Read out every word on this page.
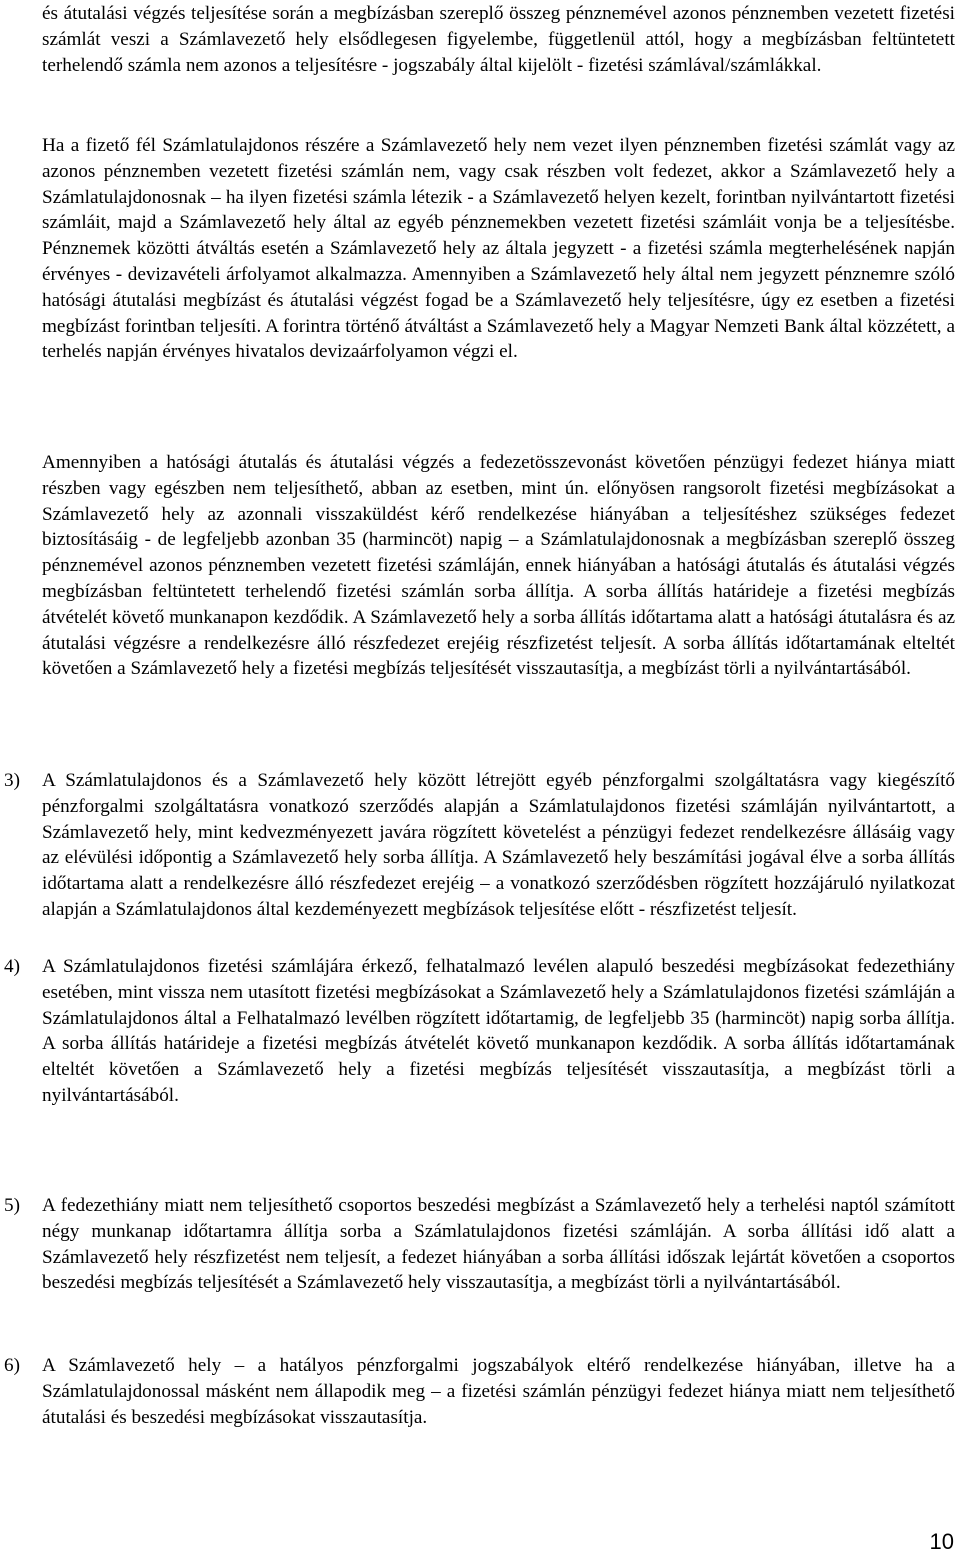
és átutalási végzés teljesítése során a megbízásban szereplő összeg pénznemével azonos pénznemben vezetett fizetési számlát veszi a Számlavezető hely elsődlegesen figyelembe, függetlenül attól, hogy a megbízásban feltüntetett terhelendő számla nem azonos a teljesítésre - jogszabály által kijelölt - fizetési számlával/számlákkal.

Ha a fizető fél Számlatulajdonos részére a Számlavezető hely nem vezet ilyen pénznemben fizetési számlát vagy az azonos pénznemben vezetett fizetési számlán nem, vagy csak részben volt fedezet, akkor a Számlavezető hely a Számlatulajdonosnak – ha ilyen fizetési számla létezik - a Számlavezető helyen kezelt, forintban nyilvántartott fizetési számláit, majd a Számlavezető hely által az egyéb pénznemekben vezetett fizetési számláit vonja be a teljesítésbe. Pénznemek közötti átváltás esetén a Számlavezető hely az általa jegyzett - a fizetési számla megterhelésének napján érvényes - devizavételi árfolyamot alkalmazza. Amennyiben a Számlavezető hely által nem jegyzett pénznemre szóló hatósági átutalási megbízást és átutalási végzést fogad be a Számlavezető hely teljesítésre, úgy ez esetben a fizetési megbízást forintban teljesíti. A forintra történő átváltást a Számlavezető hely a Magyar Nemzeti Bank által közzétett, a terhelés napján érvényes hivatalos devizaárfolyamon végzi el.

Amennyiben a hatósági átutalás és átutalási végzés a fedezetösszevonást követően pénzügyi fedezet hiánya miatt részben vagy egészben nem teljesíthető, abban az esetben, mint ún. előnyösen rangsorolt fizetési megbízásokat a Számlavezető hely az azonnali visszaküldést kérő rendelkezése hiányában a teljesítéshez szükséges fedezet biztosításáig - de legfeljebb azonban 35 (harmincöt) napig – a Számlatulajdonosnak a megbízásban szereplő összeg pénznemével azonos pénznemben vezetett fizetési számláján, ennek hiányában a hatósági átutalás és átutalási végzés megbízásban feltüntetett terhelendő fizetési számlán sorba állítja. A sorba állítás határideje a fizetési megbízás átvételét követő munkanapon kezdődik. A Számlavezető hely a sorba állítás időtartama alatt a hatósági átutalásra és az átutalási végzésre a rendelkezésre álló részfedezet erejéig részfizetést teljesít. A sorba állítás időtartamának elteltét követően a Számlavezető hely a fizetési megbízás teljesítését visszautasítja, a megbízást törli a nyilvántartásából.

3) A Számlatulajdonos és a Számlavezető hely között létrejött egyéb pénzforgalmi szolgáltatásra vagy kiegészítő pénzforgalmi szolgáltatásra vonatkozó szerződés alapján a Számlatulajdonos fizetési számláján nyilvántartott, a Számlavezető hely, mint kedvezményezett javára rögzített követelést a pénzügyi fedezet rendelkezésre állásáig vagy az elévülési időpontig a Számlavezető hely sorba állítja. A Számlavezető hely beszámítási jogával élve a sorba állítás időtartama alatt a rendelkezésre álló részfedezet erejéig – a vonatkozó szerződésben rögzített hozzájáruló nyilatkozat alapján a Számlatulajdonos által kezdeményezett megbízások teljesítése előtt - részfizetést teljesít.

4) A Számlatulajdonos fizetési számlájára érkező, felhatalmazó levélen alapuló beszedési megbízásokat fedezethiány esetében, mint vissza nem utasított fizetési megbízásokat a Számlavezető hely a Számlatulajdonos fizetési számláján a Számlatulajdonos által a Felhatalmazó levélben rögzített időtartamig, de legfeljebb 35 (harmincöt) napig sorba állítja. A sorba állítás határideje a fizetési megbízás átvételét követő munkanapon kezdődik. A sorba állítás időtartamának elteltét követően a Számlavezető hely a fizetési megbízás teljesítését visszautasítja, a megbízást törli a nyilvántartásából.

5) A fedezethiány miatt nem teljesíthető csoportos beszedési megbízást a Számlavezető hely a terhelési naptól számított négy munkanap időtartamra állítja sorba a Számlatulajdonos fizetési számláján. A sorba állítási idő alatt a Számlavezető hely részfizetést nem teljesít, a fedezet hiányában a sorba állítási időszak lejártát követően a csoportos beszedési megbízás teljesítését a Számlavezető hely visszautasítja, a megbízást törli a nyilvántartásából.

6) A Számlavezető hely – a hatályos pénzforgalmi jogszabályok eltérő rendelkezése hiányában, illetve ha a Számlatulajdonossal másként nem állapodik meg – a fizetési számlán pénzügyi fedezet hiánya miatt nem teljesíthető átutalási és beszedési megbízásokat visszautasítja.

10
